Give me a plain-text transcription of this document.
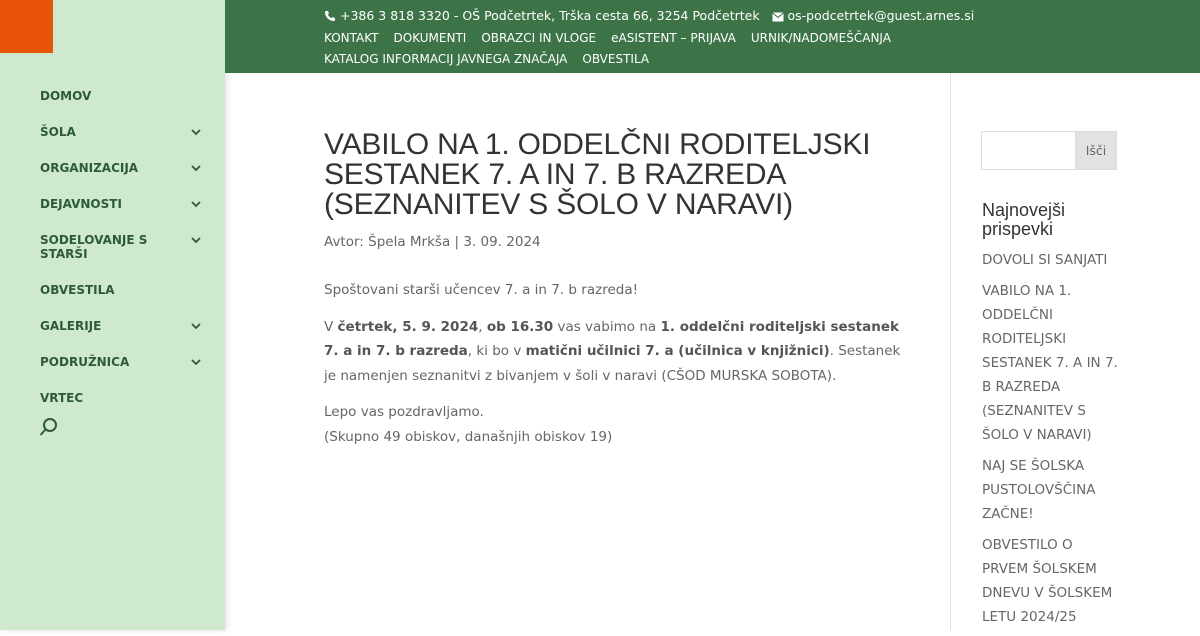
DOMOV
ŠOLA
ORGANIZACIJA
DEJAVNOSTI
SODELOVANJE S STARŠI
OBVESTILA
GALERIJE
PODRUŽNICA
VRTEC
+386 3 818 3320 - OŠ Podčetrtek, Trška cesta 66, 3254 Podčetrtek os-podcetrtek@guest.arnes.si
KONTAKT DOKUMENTI OBRAZCI IN VLOGE eASISTENT – PRIJAVA URNIK/NADOMEŠČANJA
KATALOG INFORMACIJ JAVNEGA ZNAČAJA OBVESTILA
VABILO NA 1. ODDELČNI RODITELJSKI SESTANEK 7. A IN 7. B RAZREDA (SEZNANITEV S ŠOLO V NARAVI)
Avtor: Špela Mrkša | 3. 09. 2024

Spoštovani starši učencev 7. a in 7. b razreda!

V četrtek, 5. 9. 2024, ob 16.30 vas vabimo na 1. oddelčni roditeljski sestanek 7. a in 7. b razreda, ki bo v matični učilnici 7. a (učilnica v knjižnici). Sestanek je namenjen seznanitvi z bivanjem v šoli v naravi (CŠOD MURSKA SOBOTA).

Lepo vas pozdravljamo.

(Skupno 49 obiskov, današnjih obiskov 19)

Išči
Najnovejši prispevki
DOVOLI SI SANJATI
VABILO NA 1. ODDELČNI RODITELJSKI SESTANEK 7. A IN 7. B RAZREDA (SEZNANITEV S ŠOLO V NARAVI)
NAJ SE ŠOLSKA PUSTOLOVŠČINA ZAČNE!
OBVESTILO O PRVEM ŠOLSKEM DNEVU V ŠOLSKEM LETU 2024/25
